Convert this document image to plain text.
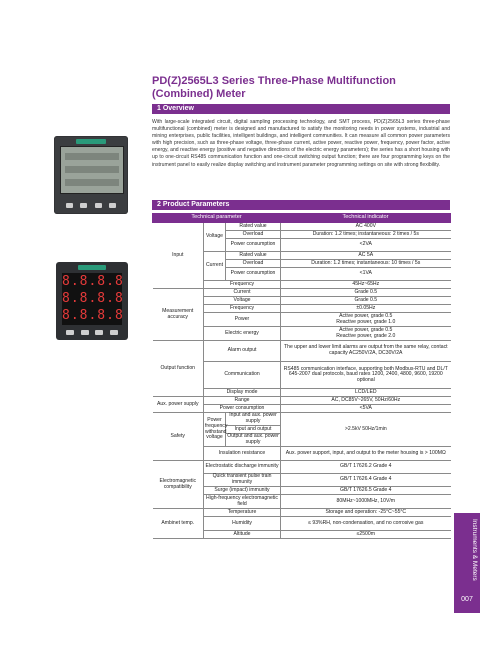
8.8.8.8
8.8.8.8
8.8.8.8
PD(Z)2565L3 Series Three-Phase Multifunction
(Combined) Meter
1 Overview
With large-scale integrated circuit, digital sampling processing technology, and SMT process, PD(Z)2565L3 series three-phase multifunctional (combined) meter is designed and manufactured to satisfy the monitoring needs in power systems, industrial and mining enterprises, public facilities, intelligent buildings, and intelligent communities. It can measure all common power parameters with high precision, such as three-phase voltage, three-phase current, active power, reactive power, frequency, power factor, active energy, and reactive energy (positive and negative directions of the electric energy parameters); the series has a short housing with up to one-circuit RS485 communication function and one-circuit switching output function; there are four programming keys on the instrument panel to easily realize display switching and instrument parameter programming settings on site with strong flexibility.
2 Product Parameters
Technical parameter			Technical indicator
Input	Voltage	Rated value	AC 400V
		Overload	Duration: 1.2 times; instantaneous: 2 times / 5s
		Power consumption	<2VA
	Current	Rated value	AC 5A
		Overload	Duration: 1.2 times; instantaneous: 10 times / 5s
		Power consumption	<1VA
	Frequency		45Hz~65Hz
Measurement accuracy	Current		Grade 0.5
	Voltage		Grade 0.5
	Frequency		±0.05Hz
	Power		Active power, grade 0.5
Reactive power, grade 1.0

	Electric energy		Active power, grade 0.5
Reactive power, grade 2.0

Output function	Alarm output		The upper and lower limit alarms are output from the same relay, contact capacity AC250V/2A, DC30V/2A
	Communication		RS485 communication interface, supporting both Modbus-RTU and DL/T 645-2007 dual protocols, baud rates 1200, 2400, 4800, 9600, 19200 optional
	Display mode		LCD/LED
Aux. power supply	Range		AC, DC85V~265V, 50Hz/60Hz
	Power consumption		<5VA
Safety	Power frequency withstand voltage	Input and aux. power supply	>2.5kV 50Hz/1min
		Input and output	
		Output and aux. power supply	
	Insulation resistance		Aux. power support, input, and output to the meter housing is > 100MΩ
Electromagnetic compatibility	Electrostatic discharge immunity		GB/T 17626.2 Grade 4
	Quick transient pulse train immunity		GB/T 17626.4 Grade 4
	Surge (impact) immunity		GB/T 17626.5 Grade 4
	High-frequency electromagnetic field		80MHz~1000MHz, 10V/m
Ambinet temp.	Temperature		Storage and operation: -25°C~55°C
	Humidity		≤ 93%RH, non-condensation, and no corrosive gas
	Altitude		≤2500m	Instruments & Meters
007
